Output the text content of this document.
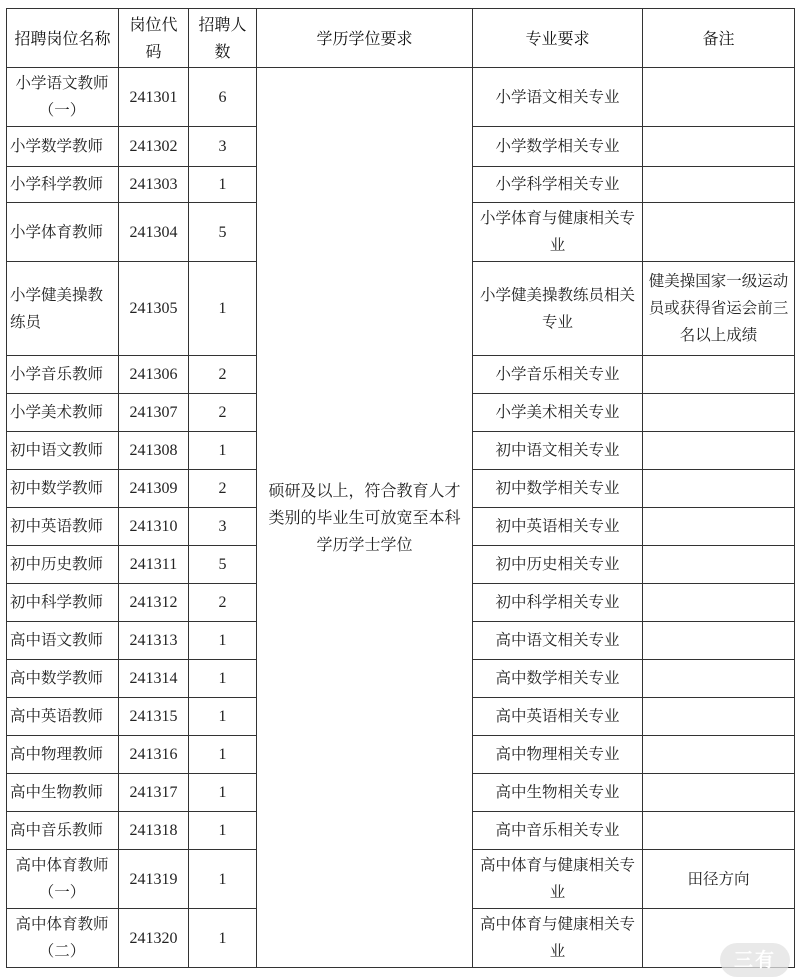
招聘岗位名称	岗位代码	招聘人数	学历学位要求	专业要求	备注
小学语文教师（一）	241301	6	硕研及以上，符合教育人才类别的毕业生可放宽至本科学历学士学位	小学语文相关专业	
小学数学教师	241302	3		小学数学相关专业	
小学科学教师	241303	1		小学科学相关专业	
小学体育教师	241304	5		小学体育与健康相关专业	
小学健美操教练员	241305	1		小学健美操教练员相关专业	健美操国家一级运动员或获得省运会前三名以上成绩
小学音乐教师	241306	2		小学音乐相关专业	
小学美术教师	241307	2		小学美术相关专业	
初中语文教师	241308	1		初中语文相关专业	
初中数学教师	241309	2		初中数学相关专业	
初中英语教师	241310	3		初中英语相关专业	
初中历史教师	241311	5		初中历史相关专业	
初中科学教师	241312	2		初中科学相关专业	
高中语文教师	241313	1		高中语文相关专业	
高中数学教师	241314	1		高中数学相关专业	
高中英语教师	241315	1		高中英语相关专业	
高中物理教师	241316	1		高中物理相关专业	
高中生物教师	241317	1		高中生物相关专业	
高中音乐教师	241318	1		高中音乐相关专业	
高中体育教师（一）	241319	1		高中体育与健康相关专业	田径方向
高中体育教师（二）	241320	1		高中体育与健康相关专业		三有
